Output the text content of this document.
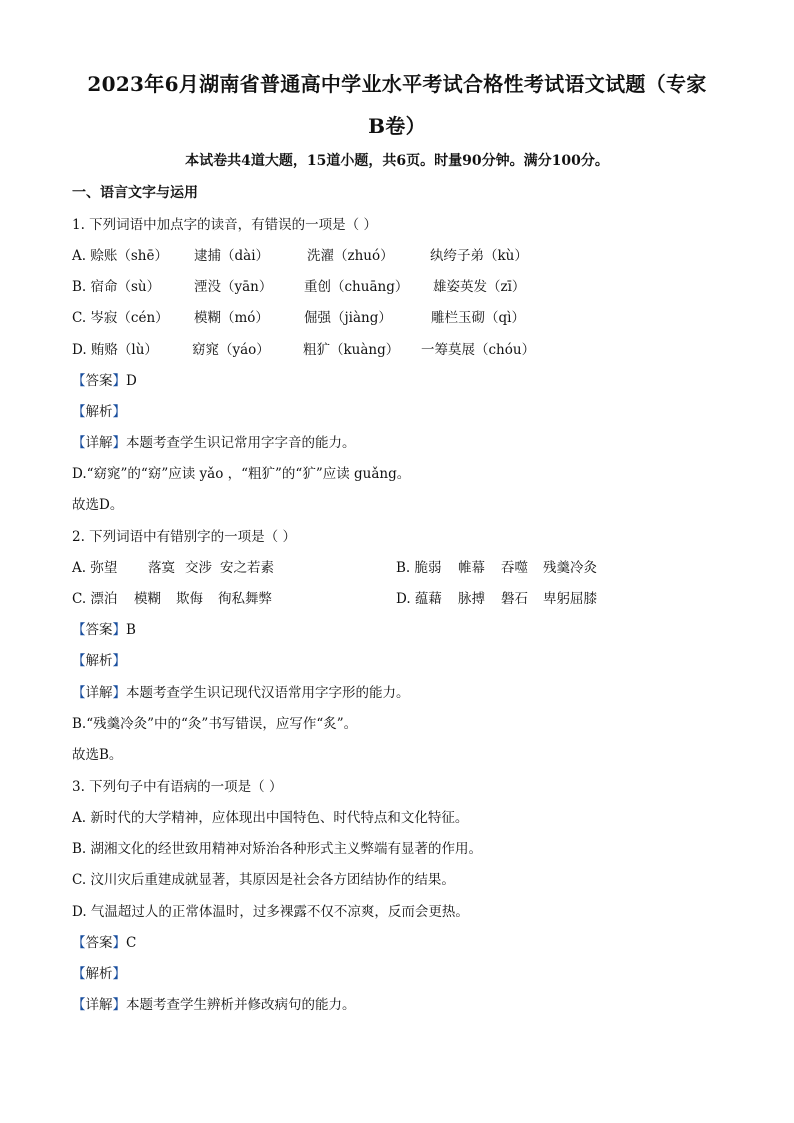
2023年6月湖南省普通高中学业水平考试合格性考试语文试题（专家
B卷）
本试卷共4道大题，15道小题，共6页。时量90分钟。满分100分。
一、语言文字与运用
1. 下列词语中加点字的读音，有错误的一项是（ ）
A. 赊账（shē） 逮捕（dài）	洗濯（zhuó）	纨绔子弟（kù）
B. 宿命（sù）	湮没（yān） 重创（chuāng） 雄姿英发（zī）
C. 岑寂（cén） 模糊（mó）	倔强（jiàng）	雕栏玉砌（qì）
D. 贿赂（lù）	窈窕（yáo） 粗犷（kuàng） 一筹莫展（chóu）
【答案】D
【解析】
【详解】本题考查学生识记常用字字音的能力。
D.“窈窕”的“窈”应读 yǎo ，“粗犷”的“犷”应读 guǎng。
故选D。
2. 下列词语中有错别字的一项是（ ）
A. 弥望 落寞 交涉 安之若素	B. 脆弱 帷幕 吞噬 残羹冷灸
C. 漂泊 模糊 欺侮 徇私舞弊	D. 蕴藉 脉搏 磐石 卑躬屈膝
【答案】B
【解析】
【详解】本题考查学生识记现代汉语常用字字形的能力。
B.“残羹冷灸”中的“灸”书写错误，应写作“炙”。
故选B。
3. 下列句子中有语病的一项是（ ）
A. 新时代的大学精神，应体现出中国特色、时代特点和文化特征。
B. 湖湘文化的经世致用精神对矫治各种形式主义弊端有显著的作用。
C. 汶川灾后重建成就显著，其原因是社会各方团结协作的结果。
D. 气温超过人的正常体温时，过多裸露不仅不凉爽，反而会更热。
【答案】C
【解析】
【详解】本题考查学生辨析并修改病句的能力。
